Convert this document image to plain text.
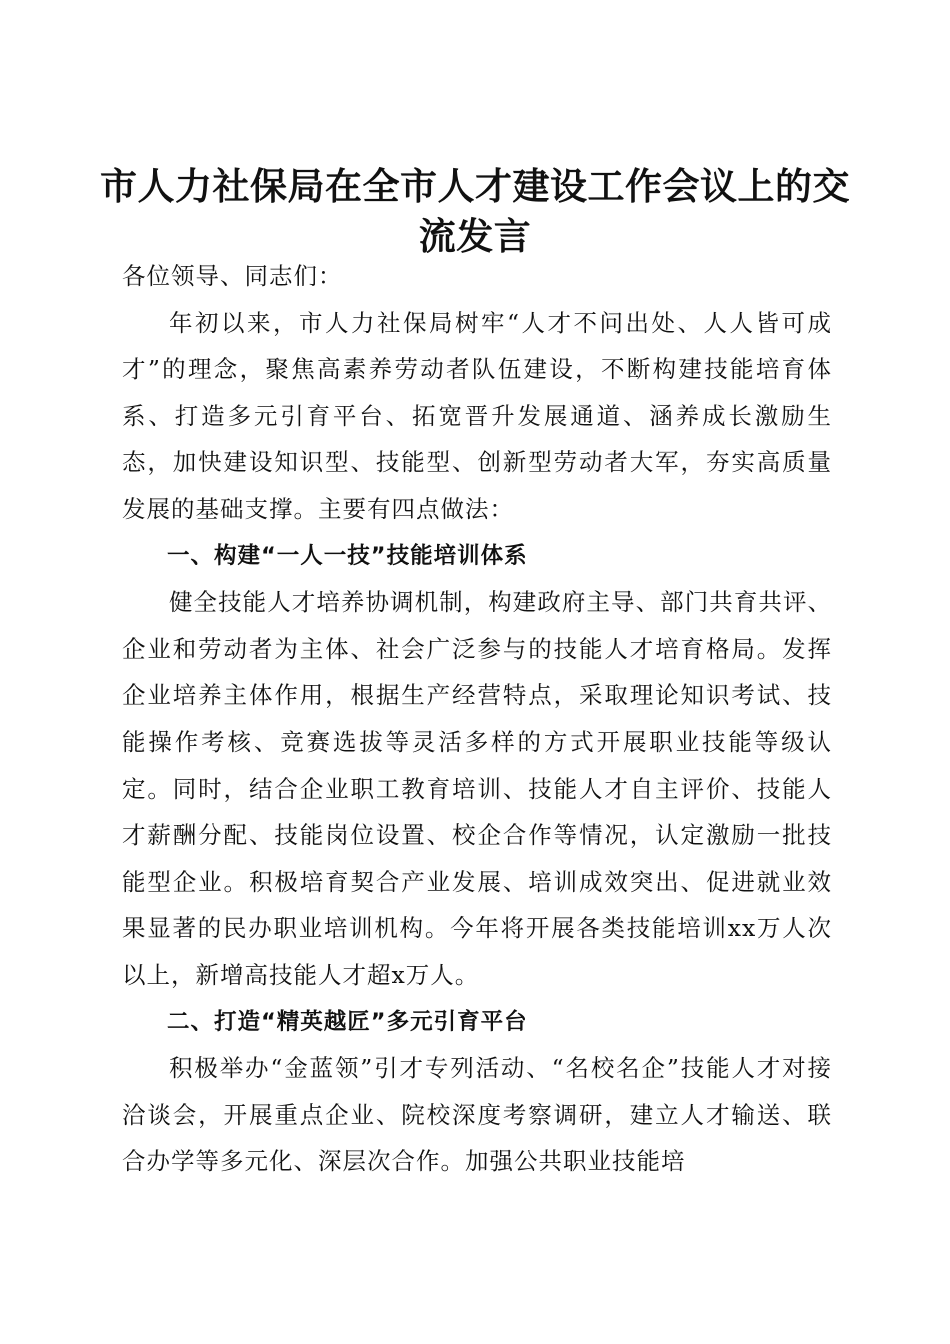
市人力社保局在全市人才建设工作会议上的交流发言

各位领导、同志们：

年初以来，市人力社保局树牢“人才不问出处、人人皆可成才”的理念，聚焦高素养劳动者队伍建设，不断构建技能培育体系、打造多元引育平台、拓宽晋升发展通道、涵养成长激励生态，加快建设知识型、技能型、创新型劳动者大军，夯实高质量发展的基础支撑。主要有四点做法：

一、构建“一人一技”技能培训体系

健全技能人才培养协调机制，构建政府主导、部门共育共评、企业和劳动者为主体、社会广泛参与的技能人才培育格局。发挥企业培养主体作用，根据生产经营特点，采取理论知识考试、技能操作考核、竞赛选拔等灵活多样的方式开展职业技能等级认定。同时，结合企业职工教育培训、技能人才自主评价、技能人才薪酬分配、技能岗位设置、校企合作等情况，认定激励一批技能型企业。积极培育契合产业发展、培训成效突出、促进就业效果显著的民办职业培训机构。今年将开展各类技能培训xx万人次以上，新增高技能人才超x万人。

二、打造“精英越匠”多元引育平台

积极举办“金蓝领”引才专列活动、“名校名企”技能人才对接洽谈会，开展重点企业、院校深度考察调研，建立人才输送、联合办学等多元化、深层次合作。加强公共职业技能培
